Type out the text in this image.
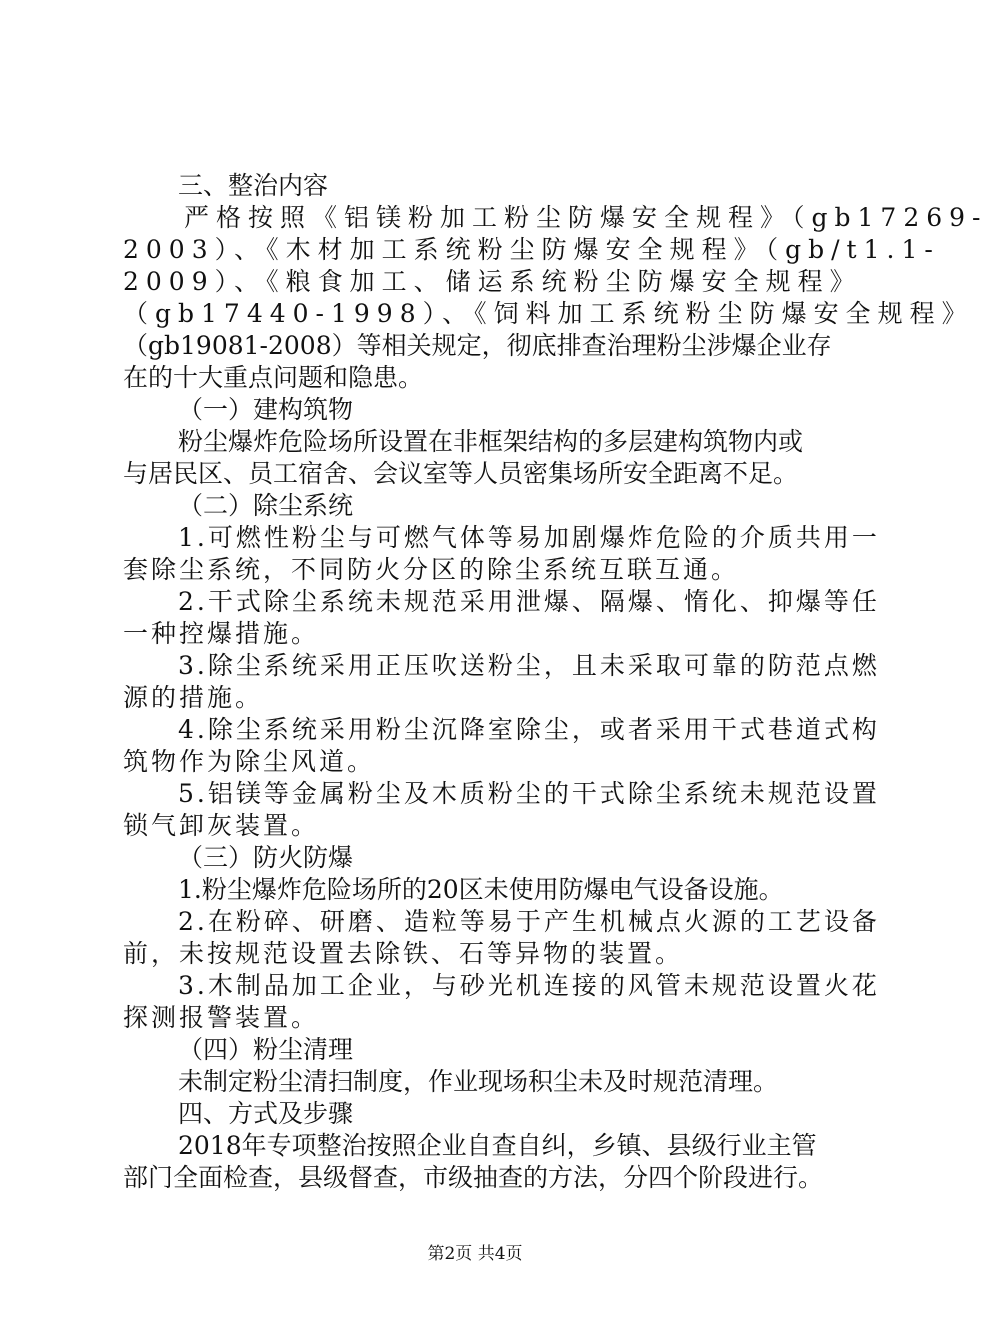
三、整治内容
严格按照《铝镁粉加工粉尘防爆安全规程》（gb17269-
2003）、《木材加工系统粉尘防爆安全规程》（gb/t1.1-
2009）、《粮食加工、储运系统粉尘防爆安全规程》
（gb17440-1998）、《饲料加工系统粉尘防爆安全规程》
（gb19081-2008）等相关规定，彻底排查治理粉尘涉爆企业存
在的十大重点问题和隐患。
（一）建构筑物
粉尘爆炸危险场所设置在非框架结构的多层建构筑物内或
与居民区、员工宿舍、会议室等人员密集场所安全距离不足。
（二）除尘系统
1.可燃性粉尘与可燃气体等易加剧爆炸危险的介质共用一
套除尘系统，不同防火分区的除尘系统互联互通。
2.干式除尘系统未规范采用泄爆、隔爆、惰化、抑爆等任
一种控爆措施。
3.除尘系统采用正压吹送粉尘，且未采取可靠的防范点燃
源的措施。
4.除尘系统采用粉尘沉降室除尘，或者采用干式巷道式构
筑物作为除尘风道。
5.铝镁等金属粉尘及木质粉尘的干式除尘系统未规范设置
锁气卸灰装置。
（三）防火防爆
1.粉尘爆炸危险场所的20区未使用防爆电气设备设施。
2.在粉碎、研磨、造粒等易于产生机械点火源的工艺设备
前，未按规范设置去除铁、石等异物的装置。
3.木制品加工企业，与砂光机连接的风管未规范设置火花
探测报警装置。
（四）粉尘清理
未制定粉尘清扫制度，作业现场积尘未及时规范清理。
四、方式及步骤
2018年专项整治按照企业自查自纠，乡镇、县级行业主管
部门全面检查，县级督查，市级抽查的方法，分四个阶段进行。
第2页 共4页
